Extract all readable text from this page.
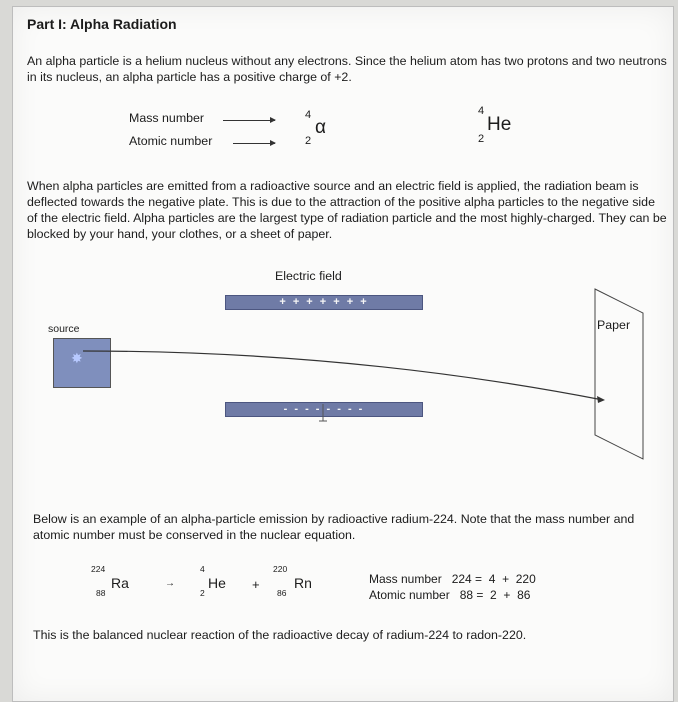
Part I: Alpha Radiation
An alpha particle is a helium nucleus without any electrons. Since the helium atom has two protons and two neutrons in its nucleus, an alpha particle has a positive charge of +2.
Mass number
Atomic number
4
2
α
4
2
He
When alpha particles are emitted from a radioactive source and an electric field is applied, the radiation beam is deflected towards the negative plate. This is due to the attraction of the positive alpha particles to the negative side of the electric field. Alpha particles are the largest type of radiation particle and the most highly-charged. They can be blocked by your hand, your clothes, or a sheet of paper.
Electric field
+ + + + + + +
- - - - - - - -
source
✸
Paper
Below is an example of an alpha-particle emission by radioactive radium-224. Note that the mass number and atomic number must be conserved in the nuclear equation.
224
88
Ra	→
4
2
He +
220
86
Rn	Mass number   224 =  4  +  220
Atomic number   88 =  2  +  86
This is the balanced nuclear reaction of the radioactive decay of radium-224 to radon-220.
